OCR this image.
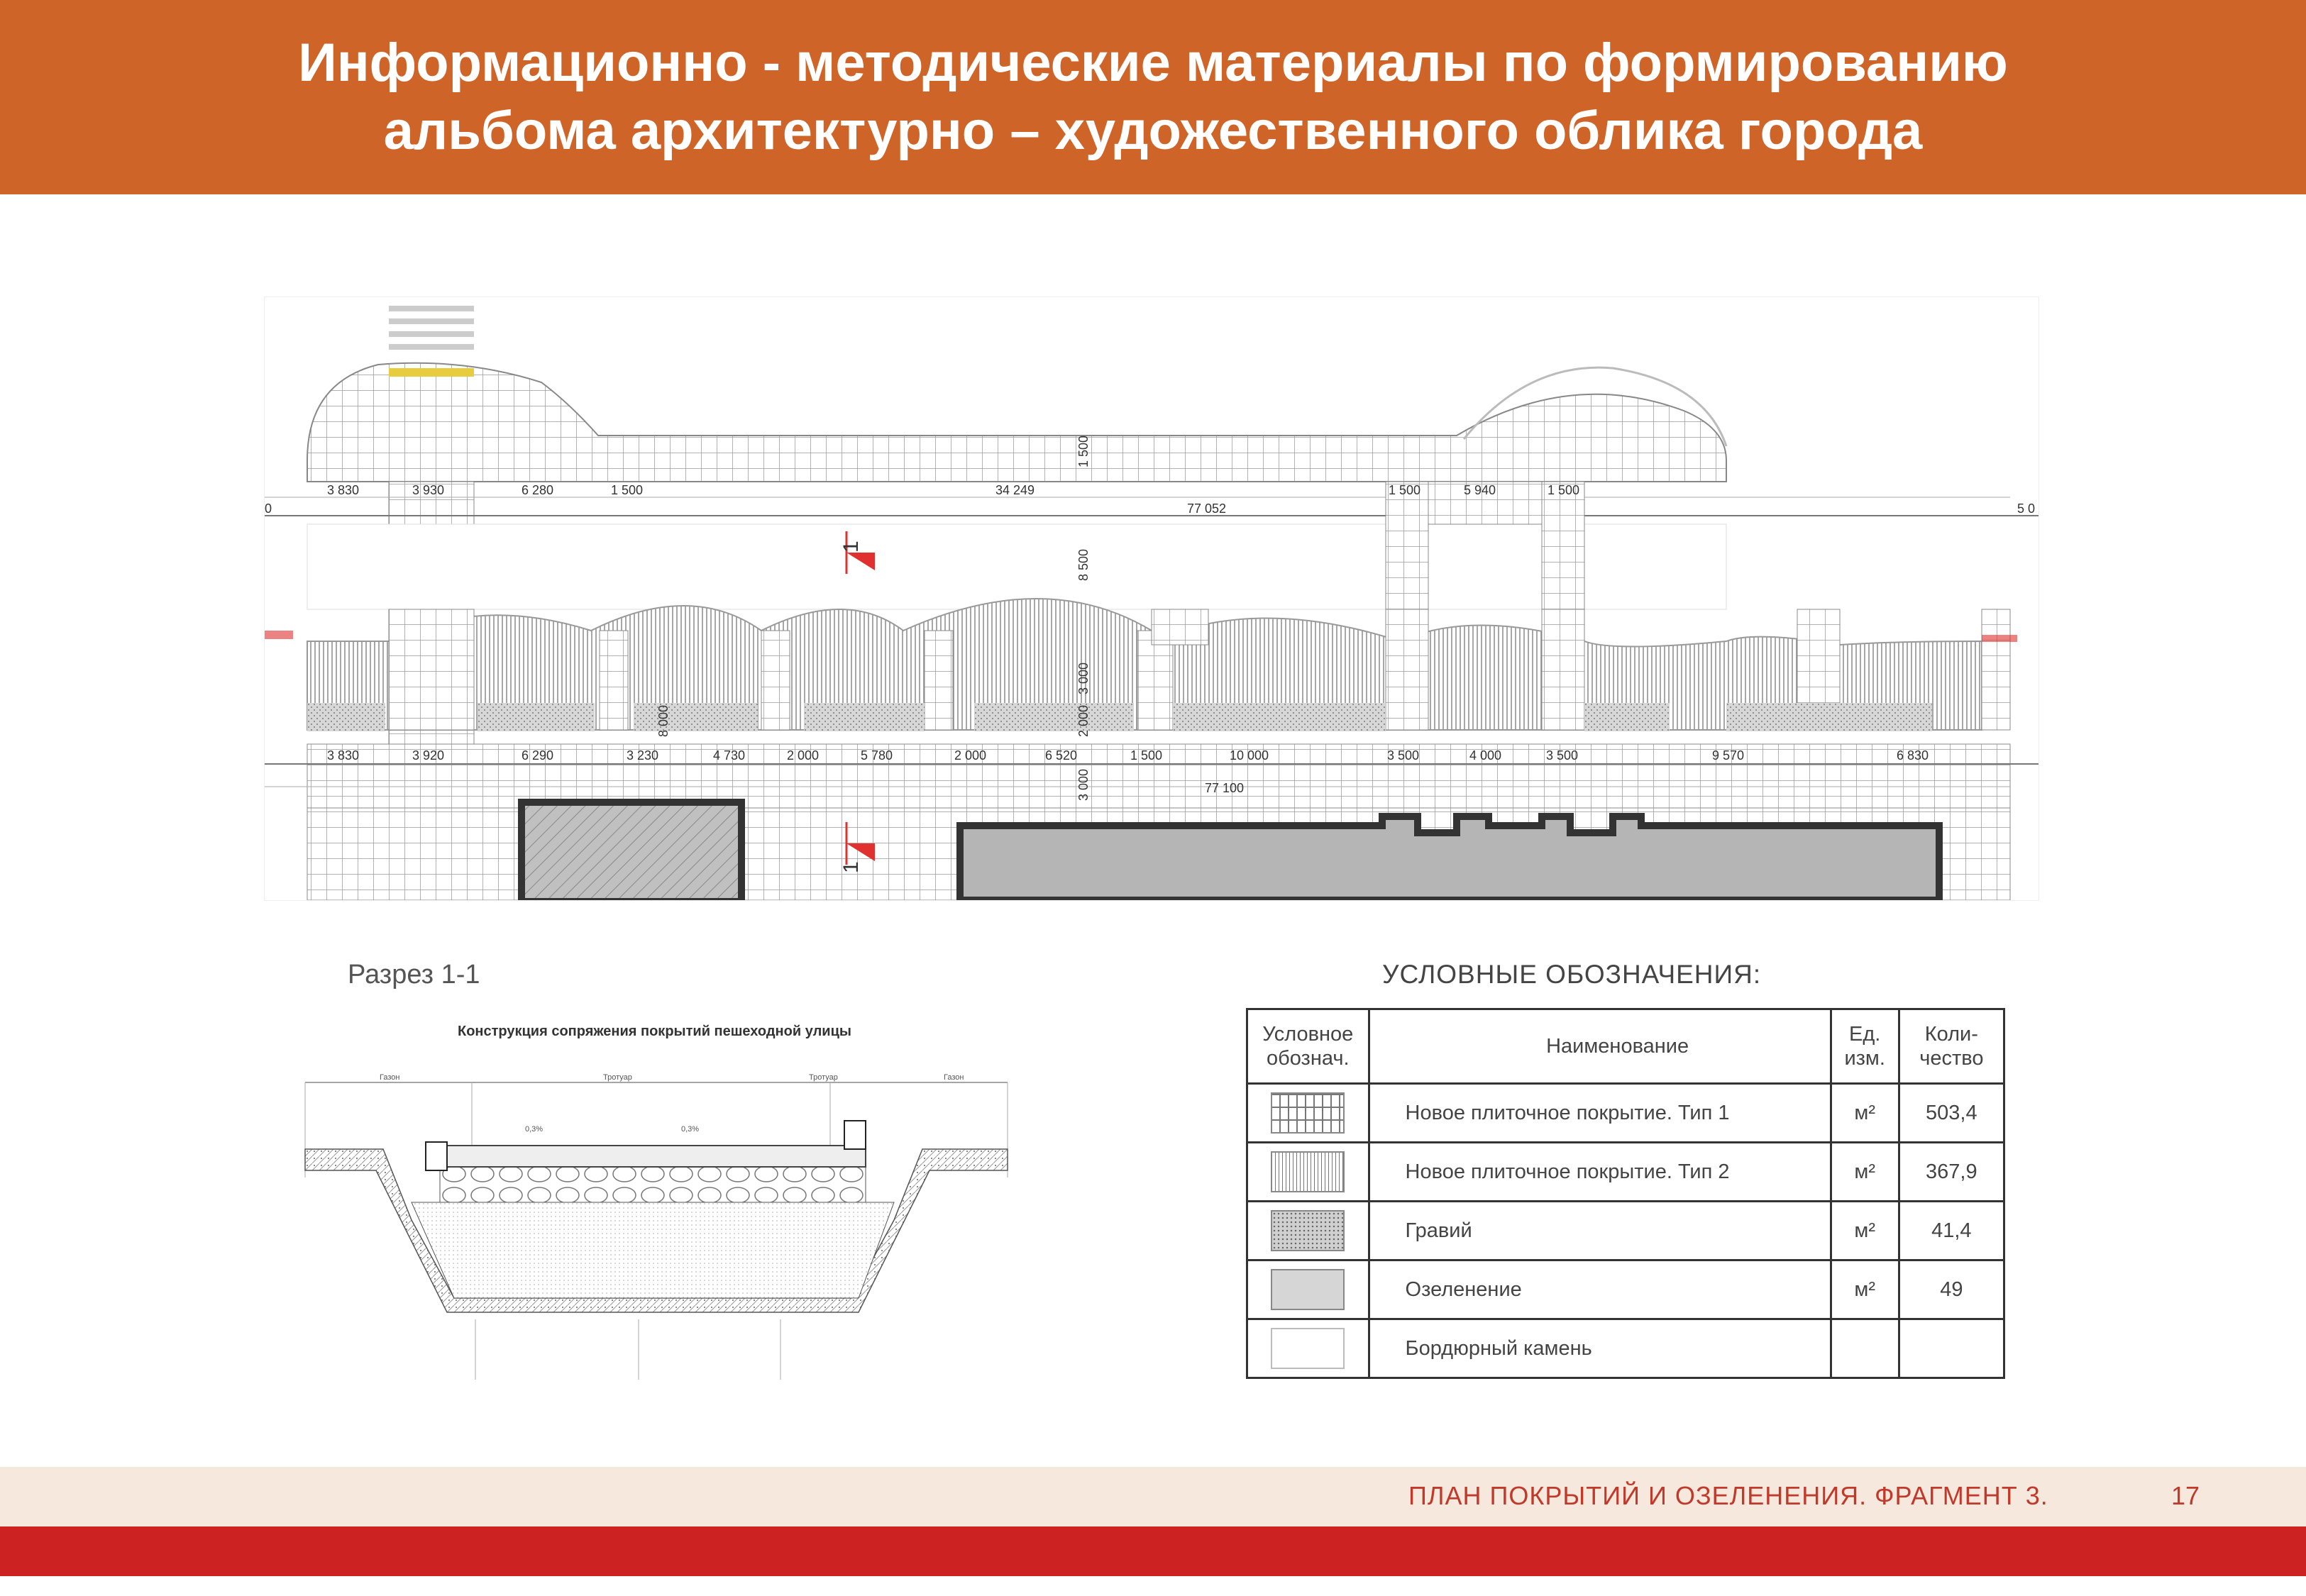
Информационно - методические материалы по формированию
альбома архитектурно – художественного облика города
3 830	3 930	6 280	1 500	34 249	1 500	5 940	1 500
77 052
0	5 0
3 830	3 920	6 290	3 230	4 730	2 000	5 780	2 000	6 520	1 500	10 000	3 500	4 000	3 500	9 570	6 830
77 100
1 500
8 500
3 000
2 000
3 000
8 000
1
1
Разрез 1-1
Конструкция сопряжения покрытий пешеходной улицы
Газон	Тротуар	Тротуар	Газон
0,3%	0,3%
УСЛОВНЫЕ ОБОЗНАЧЕНИЯ:
Условное обознач.	Наименование	Ед. изм.	Коли- чество
	Новое плиточное покрытие. Тип 1	м²	503,4
	Новое плиточное покрытие. Тип 2	м²	367,9
	Гравий	м²	41,4
	Озеленение	м²	49
	Бордюрный камень		
ПЛАН ПОКРЫТИЙ И ОЗЕЛЕНЕНИЯ. ФРАГМЕНТ 3.	17
